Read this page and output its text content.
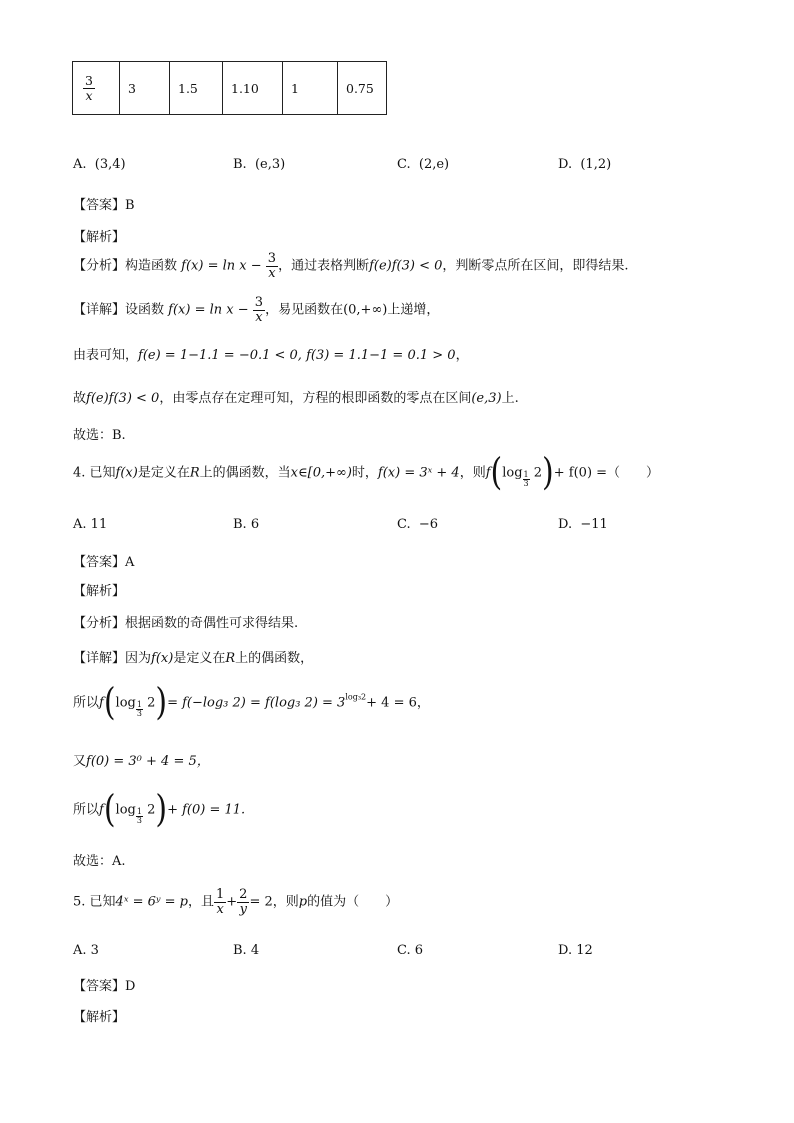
$\frac{3}{x}$	3	1.5	1.10	1	0.75
A. (3,4)	B. (e,3)	C. (2,e)	D. (1,2)
【答案】B
【解析】
【分析】构造函数 $f(x) = \ln x - \frac{3}{x}$ ，通过表格判断f(e)f(3) < 0，判断零点所在区间，即得结果.
【详解】设函数 $f(x) = \ln x - \frac{3}{x}$ ，易见函数在(0,+∞)上递增，
由表可知，f(e) = 1−1.1 = −0.1 < 0, f(3) = 1.1−1 = 0.1 > 0，
故f(e)f(3) < 0，由零点存在定理可知，方程的根即函数的零点在区间(e,3)上.
故选：B.
4. 已知f(x)是定义在R上的偶函数，当x∈[0,+∞)时，f(x) = 3ˣ + 4，则$f(\log \frac{1}{3} 2)+ f(0)$ =（　　）
A. 11	B. 6	C. −6	D. −11
【答案】A
【解析】
【分析】根据函数的奇偶性可求得结果.
【详解】因为f(x)是定义在R上的偶函数，
所以$f(\log \frac{1}{3} 2)= f(-\log_3$ 2) = f(log₃ $2) = 3^{log_32}+ 4 = 6$，
又f(0) = 3⁰ + 4 = 5，
所以$f(\log \frac{1}{3} 2)+ f(0) = 11$.
故选：A.
5. 已知4ˣ = 6ʸ = p，且 $\frac{1}{x} + \frac{2}{y} = 2$，则p的值为（　　）
A. 3	B. 4	C. 6	D. 12
【答案】D
【解析】
